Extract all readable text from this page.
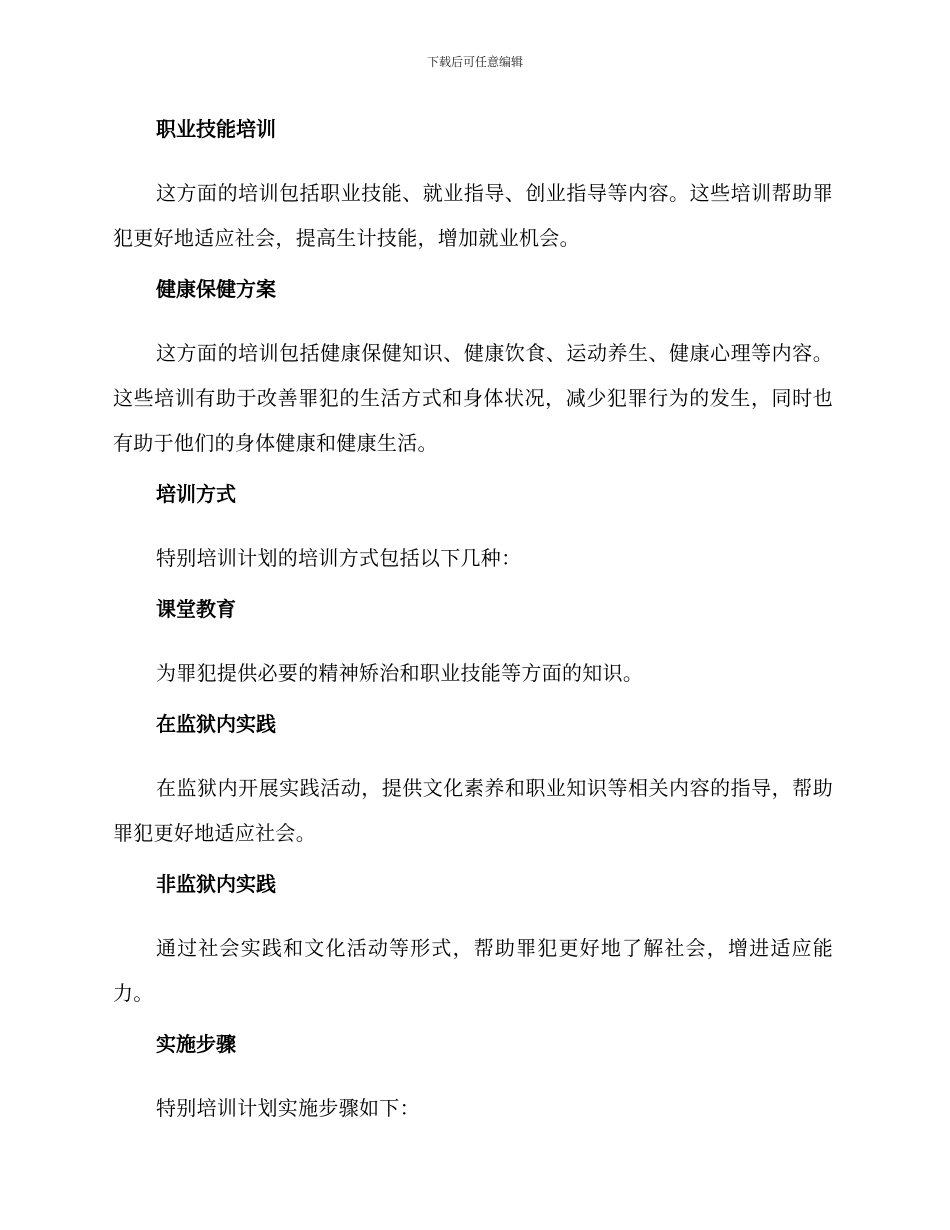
下载后可任意编辑
职业技能培训
这方面的培训包括职业技能、就业指导、创业指导等内容。这些培训帮助罪犯更好地适应社会，提高生计技能，增加就业机会。
健康保健方案
这方面的培训包括健康保健知识、健康饮食、运动养生、健康心理等内容。这些培训有助于改善罪犯的生活方式和身体状况，减少犯罪行为的发生，同时也有助于他们的身体健康和健康生活。
培训方式
特别培训计划的培训方式包括以下几种：
课堂教育
为罪犯提供必要的精神矫治和职业技能等方面的知识。
在监狱内实践
在监狱内开展实践活动，提供文化素养和职业知识等相关内容的指导，帮助罪犯更好地适应社会。
非监狱内实践
通过社会实践和文化活动等形式，帮助罪犯更好地了解社会，增进适应能力。
实施步骤
特别培训计划实施步骤如下：
